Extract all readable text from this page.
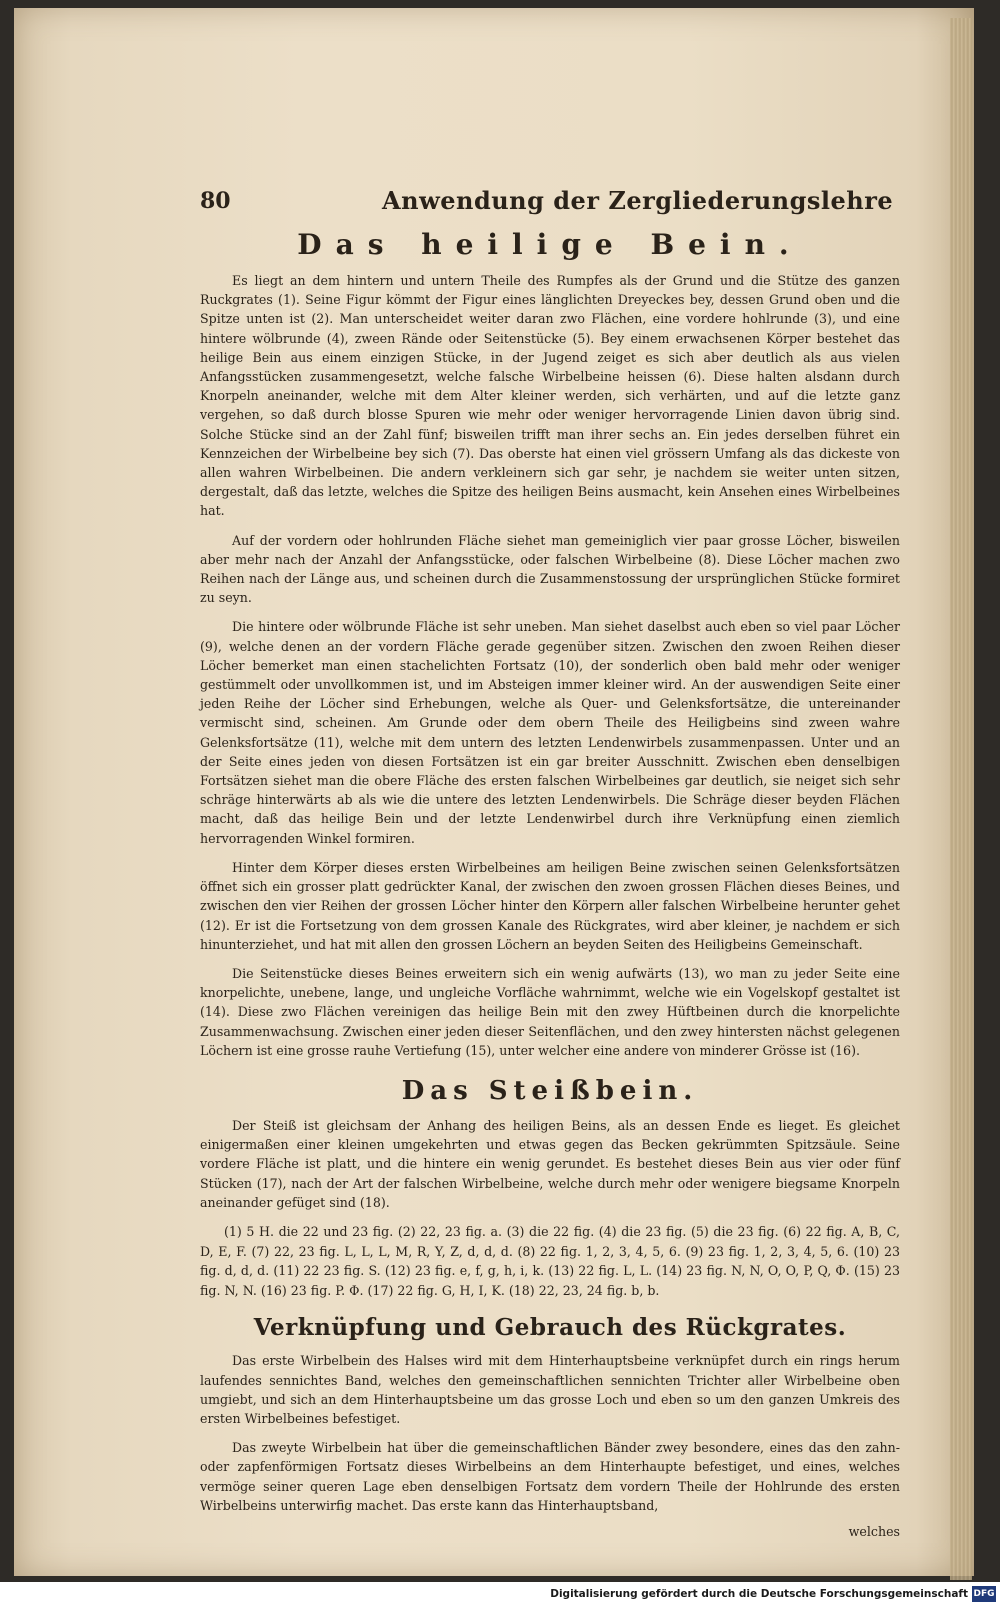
80	Anwendung der Zergliederungslehre
Das heilige Bein.

Es liegt an dem hintern und untern Theile des Rumpfes als der Grund und die Stütze des ganzen Ruckgrates (1). Seine Figur kömmt der Figur eines länglichten Dreyeckes bey, dessen Grund oben und die Spitze unten ist (2). Man unterscheidet weiter daran zwo Flächen, eine vordere hohlrunde (3), und eine hintere wölbrunde (4), zween Rände oder Seitenstücke (5). Bey einem erwachsenen Körper bestehet das heilige Bein aus einem einzigen Stücke, in der Jugend zeiget es sich aber deutlich als aus vielen Anfangsstücken zusammengesetzt, welche falsche Wirbelbeine heissen (6). Diese halten alsdann durch Knorpeln aneinander, welche mit dem Alter kleiner werden, sich verhärten, und auf die letzte ganz vergehen, so daß durch blosse Spuren wie mehr oder weniger hervorragende Linien davon übrig sind. Solche Stücke sind an der Zahl fünf; bisweilen trifft man ihrer sechs an. Ein jedes derselben führet ein Kennzeichen der Wirbelbeine bey sich (7). Das oberste hat einen viel grössern Umfang als das dickeste von allen wahren Wirbelbeinen. Die andern verkleinern sich gar sehr, je nachdem sie weiter unten sitzen, dergestalt, daß das letzte, welches die Spitze des heiligen Beins ausmacht, kein Ansehen eines Wirbelbeines hat.

Auf der vordern oder hohlrunden Fläche siehet man gemeiniglich vier paar grosse Löcher, bisweilen aber mehr nach der Anzahl der Anfangsstücke, oder falschen Wirbelbeine (8). Diese Löcher machen zwo Reihen nach der Länge aus, und scheinen durch die Zusammenstossung der ursprünglichen Stücke formiret zu seyn.

Die hintere oder wölbrunde Fläche ist sehr uneben. Man siehet daselbst auch eben so viel paar Löcher (9), welche denen an der vordern Fläche gerade gegenüber sitzen. Zwischen den zwoen Reihen dieser Löcher bemerket man einen stachelichten Fortsatz (10), der sonderlich oben bald mehr oder weniger gestümmelt oder unvollkommen ist, und im Absteigen immer kleiner wird. An der auswendigen Seite einer jeden Reihe der Löcher sind Erhebungen, welche als Quer- und Gelenksfortsätze, die untereinander vermischt sind, scheinen. Am Grunde oder dem obern Theile des Heiligbeins sind zween wahre Gelenksfortsätze (11), welche mit dem untern des letzten Lendenwirbels zusammenpassen. Unter und an der Seite eines jeden von diesen Fortsätzen ist ein gar breiter Ausschnitt. Zwischen eben denselbigen Fortsätzen siehet man die obere Fläche des ersten falschen Wirbelbeines gar deutlich, sie neiget sich sehr schräge hinterwärts ab als wie die untere des letzten Lendenwirbels. Die Schräge dieser beyden Flächen macht, daß das heilige Bein und der letzte Lendenwirbel durch ihre Verknüpfung einen ziemlich hervorragenden Winkel formiren.

Hinter dem Körper dieses ersten Wirbelbeines am heiligen Beine zwischen seinen Gelenksfortsätzen öffnet sich ein grosser platt gedrückter Kanal, der zwischen den zwoen grossen Flächen dieses Beines, und zwischen den vier Reihen der grossen Löcher hinter den Körpern aller falschen Wirbelbeine herunter gehet (12). Er ist die Fortsetzung von dem grossen Kanale des Rückgrates, wird aber kleiner, je nachdem er sich hinunterziehet, und hat mit allen den grossen Löchern an beyden Seiten des Heiligbeins Gemeinschaft.

Die Seitenstücke dieses Beines erweitern sich ein wenig aufwärts (13), wo man zu jeder Seite eine knorpelichte, unebene, lange, und ungleiche Vorfläche wahrnimmt, welche wie ein Vogelskopf gestaltet ist (14). Diese zwo Flächen vereinigen das heilige Bein mit den zwey Hüftbeinen durch die knorpelichte Zusammenwachsung. Zwischen einer jeden dieser Seitenflächen, und den zwey hintersten nächst gelegenen Löchern ist eine grosse rauhe Vertiefung (15), unter welcher eine andere von minderer Grösse ist (16).

Das Steißbein.

Der Steiß ist gleichsam der Anhang des heiligen Beins, als an dessen Ende es lieget. Es gleichet einigermaßen einer kleinen umgekehrten und etwas gegen das Becken gekrümmten Spitzsäule. Seine vordere Fläche ist platt, und die hintere ein wenig gerundet. Es bestehet dieses Bein aus vier oder fünf Stücken (17), nach der Art der falschen Wirbelbeine, welche durch mehr oder wenigere biegsame Knorpeln aneinander gefüget sind (18).

(1) 5 H. die 22 und 23 fig. (2) 22, 23 fig. a. (3) die 22 fig. (4) die 23 fig. (5) die 23 fig. (6) 22 fig. A, B, C, D, E, F. (7) 22, 23 fig. L, L, L, M, R, Y, Z, d, d, d. (8) 22 fig. 1, 2, 3, 4, 5, 6. (9) 23 fig. 1, 2, 3, 4, 5, 6. (10) 23 fig. d, d, d. (11) 22 23 fig. S. (12) 23 fig. e, f, g, h, i, k. (13) 22 fig. L, L. (14) 23 fig. N, N, O, O, P, Q, Φ. (15) 23 fig. N, N. (16) 23 fig. P. Φ. (17) 22 fig. G, H, I, K. (18) 22, 23, 24 fig. b, b.

Verknüpfung und Gebrauch des Rückgrates.

Das erste Wirbelbein des Halses wird mit dem Hinterhauptsbeine verknüpfet durch ein rings herum laufendes sennichtes Band, welches den gemeinschaftlichen sennichten Trichter aller Wirbelbeine oben umgiebt, und sich an dem Hinterhauptsbeine um das grosse Loch und eben so um den ganzen Umkreis des ersten Wirbelbeines befestiget.

Das zweyte Wirbelbein hat über die gemeinschaftlichen Bänder zwey besondere, eines das den zahn- oder zapfenförmigen Fortsatz dieses Wirbelbeins an dem Hinterhaupte befestiget, und eines, welches vermöge seiner queren Lage eben denselbigen Fortsatz dem vordern Theile der Hohlrunde des ersten Wirbelbeins unterwirfig machet. Das erste kann das Hinterhauptsband,

welches
Digitalisierung gefördert durch die Deutsche Forschungsgemeinschaft DFG
